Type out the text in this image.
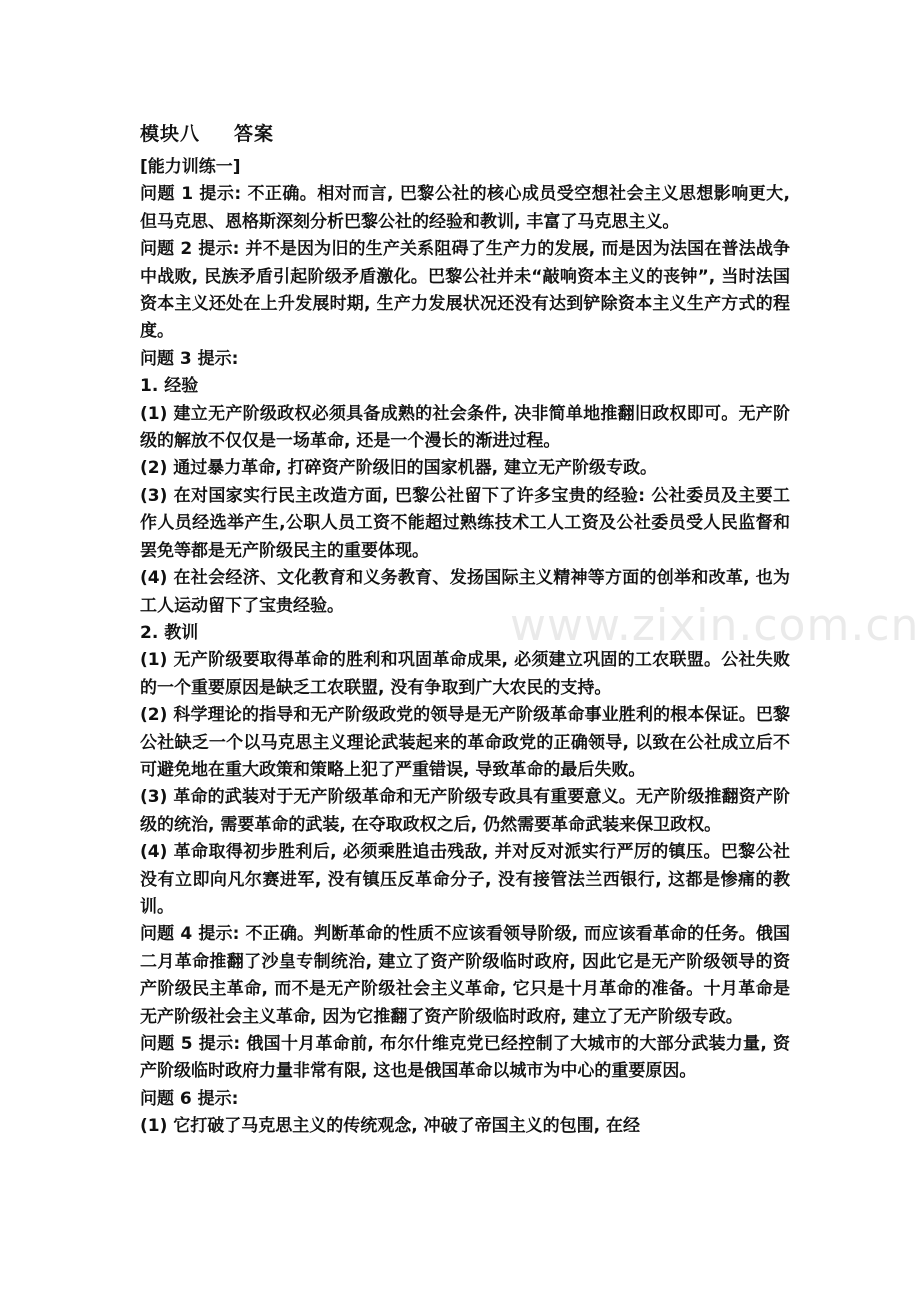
模块八 答案

[能力训练一]

问题 1 提示: 不正确。相对而言, 巴黎公社的核心成员受空想社会主义思想影响更大,但马克思、恩格斯深刻分析巴黎公社的经验和教训, 丰富了马克思主义。

问题 2 提示: 并不是因为旧的生产关系阻碍了生产力的发展, 而是因为法国在普法战争中战败, 民族矛盾引起阶级矛盾激化。巴黎公社并未“敲响资本主义的丧钟”, 当时法国资本主义还处在上升发展时期, 生产力发展状况还没有达到铲除资本主义生产方式的程度。

问题 3 提示:

1. 经验

(1) 建立无产阶级政权必须具备成熟的社会条件, 决非简单地推翻旧政权即可。无产阶级的解放不仅仅是一场革命, 还是一个漫长的渐进过程。

(2) 通过暴力革命, 打碎资产阶级旧的国家机器, 建立无产阶级专政。

(3) 在对国家实行民主改造方面, 巴黎公社留下了许多宝贵的经验: 公社委员及主要工作人员经选举产生,公职人员工资不能超过熟练技术工人工资及公社委员受人民监督和罢免等都是无产阶级民主的重要体现。

(4) 在社会经济、文化教育和义务教育、发扬国际主义精神等方面的创举和改革, 也为工人运动留下了宝贵经验。

2. 教训

(1) 无产阶级要取得革命的胜利和巩固革命成果, 必须建立巩固的工农联盟。公社失败的一个重要原因是缺乏工农联盟, 没有争取到广大农民的支持。

(2) 科学理论的指导和无产阶级政党的领导是无产阶级革命事业胜利的根本保证。巴黎公社缺乏一个以马克思主义理论武装起来的革命政党的正确领导, 以致在公社成立后不可避免地在重大政策和策略上犯了严重错误, 导致革命的最后失败。

(3) 革命的武装对于无产阶级革命和无产阶级专政具有重要意义。无产阶级推翻资产阶级的统治, 需要革命的武装, 在夺取政权之后, 仍然需要革命武装来保卫政权。

(4) 革命取得初步胜利后, 必须乘胜追击残敌, 并对反对派实行严厉的镇压。巴黎公社没有立即向凡尔赛进军, 没有镇压反革命分子, 没有接管法兰西银行, 这都是惨痛的教训。

问题 4 提示: 不正确。判断革命的性质不应该看领导阶级, 而应该看革命的任务。俄国二月革命推翻了沙皇专制统治, 建立了资产阶级临时政府, 因此它是无产阶级领导的资产阶级民主革命, 而不是无产阶级社会主义革命, 它只是十月革命的准备。十月革命是无产阶级社会主义革命, 因为它推翻了资产阶级临时政府, 建立了无产阶级专政。

问题 5 提示: 俄国十月革命前, 布尔什维克党已经控制了大城市的大部分武装力量, 资产阶级临时政府力量非常有限, 这也是俄国革命以城市为中心的重要原因。

问题 6 提示:

(1) 它打破了马克思主义的传统观念, 冲破了帝国主义的包围, 在经

www.zixin.com.cn
